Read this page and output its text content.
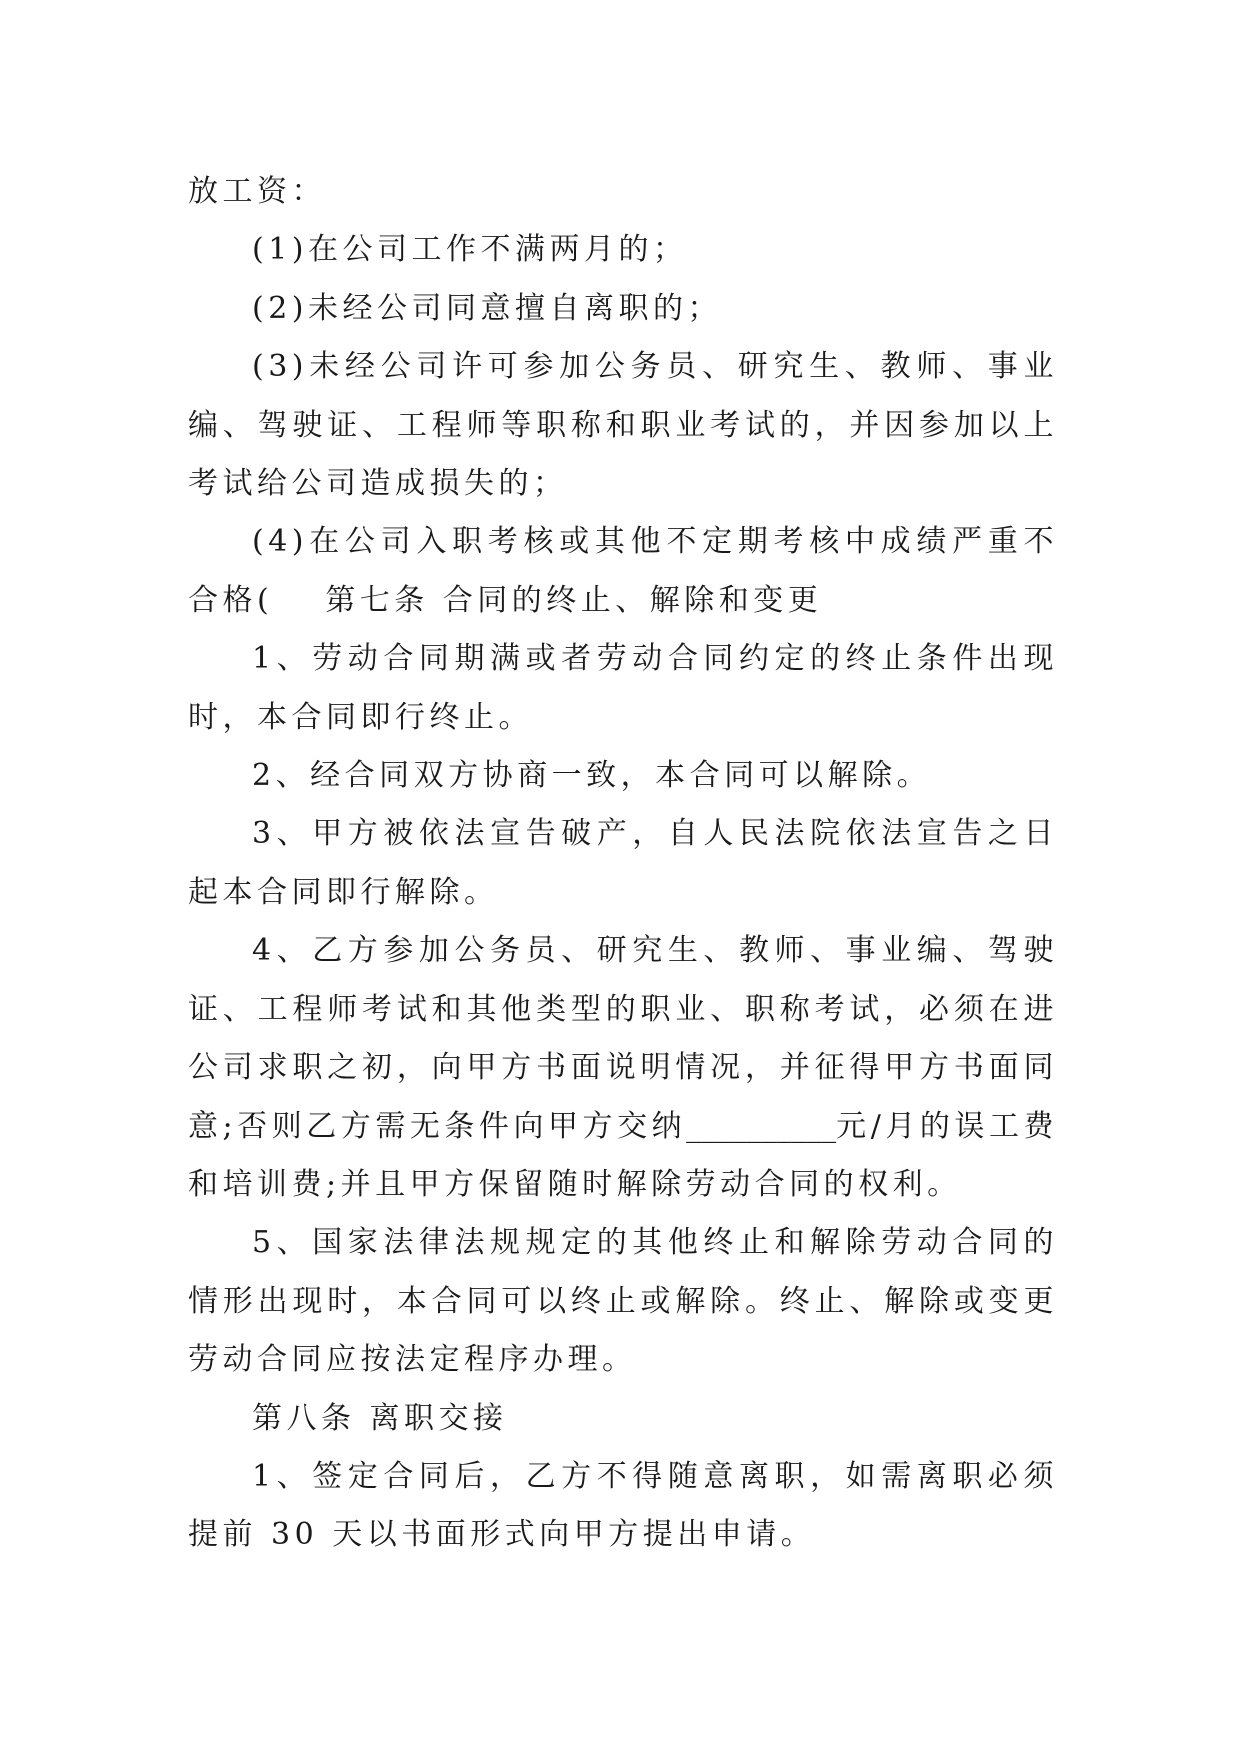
放工资：

(1)在公司工作不满两月的；

(2)未经公司同意擅自离职的；

(3)未经公司许可参加公务员、研究生、教师、事业编、驾驶证、工程师等职称和职业考试的，并因参加以上考试给公司造成损失的；

(4)在公司入职考核或其他不定期考核中成绩严重不合格( 第七条 合同的终止、解除和变更

1、劳动合同期满或者劳动合同约定的终止条件出现时，本合同即行终止。

2、经合同双方协商一致，本合同可以解除。

3、甲方被依法宣告破产，自人民法院依法宣告之日起本合同即行解除。

4、乙方参加公务员、研究生、教师、事业编、驾驶证、工程师考试和其他类型的职业、职称考试，必须在进公司求职之初，向甲方书面说明情况，并征得甲方书面同意;否则乙方需无条件向甲方交纳__________元/月的误工费和培训费;并且甲方保留随时解除劳动合同的权利。

5、国家法律法规规定的其他终止和解除劳动合同的情形出现时，本合同可以终止或解除。终止、解除或变更劳动合同应按法定程序办理。

第八条 离职交接

1、签定合同后，乙方不得随意离职，如需离职必须提前 30 天以书面形式向甲方提出申请。
